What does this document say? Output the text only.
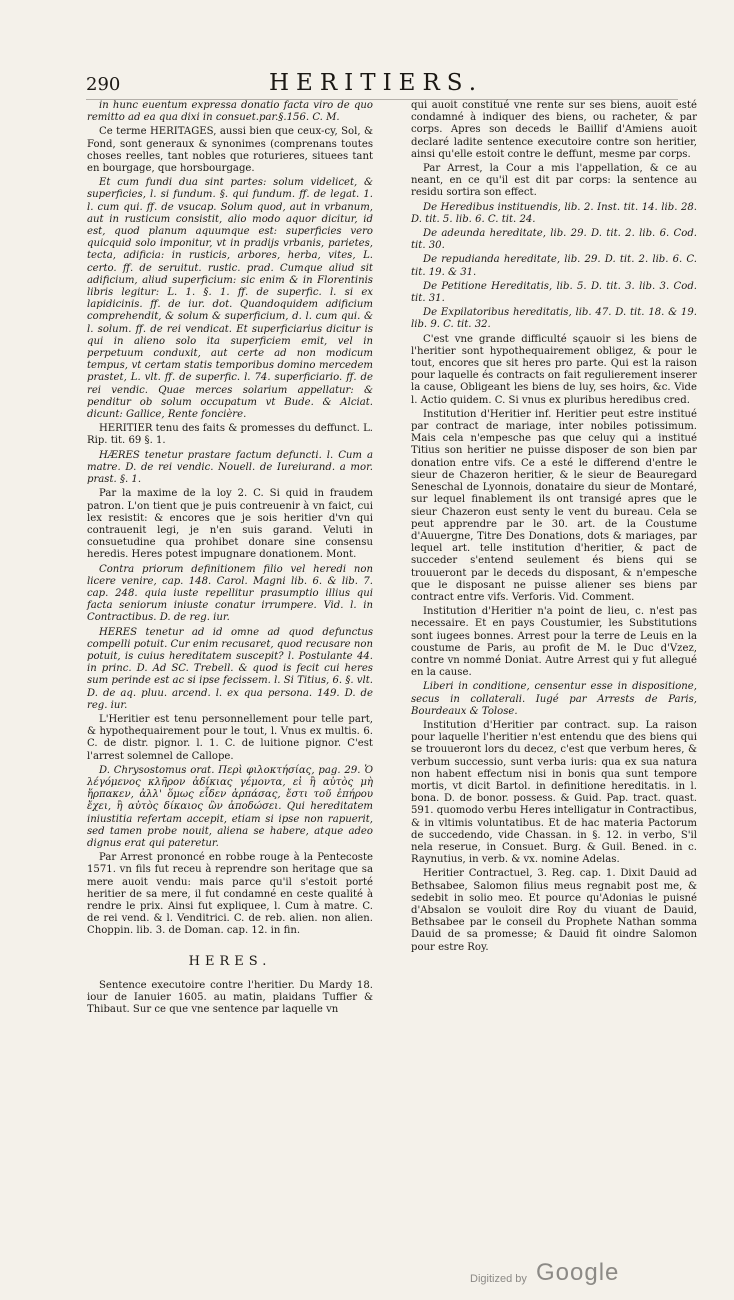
290	HERITIERS.

in hunc euentum expressa donatio facta viro de quo remitto ad ea qua dixi in consuet.par.§.156. C. M.

Ce terme HERITAGES, aussi bien que ceux-cy, Sol, & Fond, sont generaux & synonimes (comprenans toutes choses reelles, tant nobles que roturieres, situees tant en bourgage, que horsbourgage.

Et cum fundi dua sint partes: solum videlicet, & superficies, l. si fundum. §. qui fundum. ff. de legat. 1. l. cum qui. ff. de vsucap. Solum quod, aut in vrbanum, aut in rusticum consistit, alio modo aquor dicitur, id est, quod planum aquumque est: superficies vero quicquid solo imponitur, vt in pradijs vrbanis, parietes, tecta, adificia: in rusticis, arbores, herba, vites, L. certo. ff. de seruitut. rustic. prad. Cumque aliud sit adificium, aliud superficium: sic enim & in Florentinis libris legitur: L. 1. §. 1. ff. de superfic. l. si ex lapidicinis. ff. de iur. dot. Quandoquidem adificium comprehendit, & solum & superficium, d. l. cum qui. & l. solum. ff. de rei vendicat. Et superficiarius dicitur is qui in alieno solo ita superficiem emit, vel in perpetuum conduxit, aut certe ad non modicum tempus, vt certam statis temporibus domino mercedem prastet, L. vlt. ff. de superfic. l. 74. superficiario. ff. de rei vendic. Quae merces solarium appellatur: & penditur ob solum occupatum vt Bude. & Alciat. dicunt: Gallice, Rente foncière.

HERITIER tenu des faits & promesses du deffunct. L. Rip. tit. 69 §. 1.

HÆRES tenetur prastare factum defuncti. l. Cum a matre. D. de rei vendic. Nouell. de Iureiurand. a mor. prast. §. 1.

Par la maxime de la loy 2. C. Si quid in fraudem patron. L'on tient que je puis contreuenir à vn faict, cui lex resistit: & encores que je sois heritier d'vn qui contrauenit legi, je n'en suis garand. Veluti in consuetudine qua prohibet donare sine consensu heredis. Heres potest impugnare donationem. Mont.

Contra priorum definitionem filio vel heredi non licere venire, cap. 148. Carol. Magni lib. 6. & lib. 7. cap. 248. quia iuste repellitur prasumptio illius qui facta seniorum iniuste conatur irrumpere. Vid. l. in Contractibus. D. de reg. iur.

HERES tenetur ad id omne ad quod defunctus compelli potuit. Cur enim recusaret, quod recusare non potuit, is cuius hereditatem suscepit? l. Postulante 44. in princ. D. Ad SC. Trebell. & quod is fecit cui heres sum perinde est ac si ipse fecissem. l. Si Titius, 6. §. vlt. D. de aq. pluu. arcend. l. ex qua persona. 149. D. de reg. iur.

L'Heritier est tenu personnellement pour telle part, & hypothequairement pour le tout, l. Vnus ex multis. 6. C. de distr. pignor. l. 1. C. de luitione pignor. C'est l'arrest solemnel de Callope.

D. Chrysostomus orat. Περὶ φιλοκτήσίας, pag. 29. Ὁ λέγόμενος κλῆρον ἀδίκιας γέμοντα, εἰ ἢ αὐτὸς μὴ ἥρπακεν, ἀλλ' ὅμως εἶδεν ἁρπάσας, ἔστι τοῦ ἐπήρου ἔχει, ἢ αὐτὸς δίκαιος ὢν ἀποδώσει. Qui hereditatem iniustitia refertam accepit, etiam si ipse non rapuerit, sed tamen probe nouit, aliena se habere, atque adeo dignus erat qui pateretur.

Par Arrest prononcé en robbe rouge à la Pentecoste 1571. vn fils fut receu à reprendre son heritage que sa mere auoit vendu: mais parce qu'il s'estoit porté heritier de sa mere, il fut condamné en ceste qualité à rendre le prix. Ainsi fut expliquee, l. Cum à matre. C. de rei vend. & l. Venditrici. C. de reb. alien. non alien. Choppin. lib. 3. de Doman. cap. 12. in fin.

HERES.

Sentence executoire contre l'heritier. Du Mardy 18. iour de Ianuier 1605. au matin, plaidans Tuffier & Thibaut. Sur ce que vne sentence par laquelle vn

qui auoit constitué vne rente sur ses biens, auoit esté condamné à indiquer des biens, ou racheter, & par corps. Apres son deceds le Baillif d'Amiens auoit declaré ladite sentence executoire contre son heritier, ainsi qu'elle estoit contre le deffunt, mesme par corps.

Par Arrest, la Cour a mis l'appellation, & ce au neant, en ce qu'il est dit par corps: la sentence au residu sortira son effect.

De Heredibus instituendis, lib. 2. Inst. tit. 14. lib. 28. D. tit. 5. lib. 6. C. tit. 24.

De adeunda hereditate, lib. 29. D. tit. 2. lib. 6. Cod. tit. 30.

De repudianda hereditate, lib. 29. D. tit. 2. lib. 6. C. tit. 19. & 31.

De Petitione Hereditatis, lib. 5. D. tit. 3. lib. 3. Cod. tit. 31.

De Expilatoribus hereditatis, lib. 47. D. tit. 18. & 19. lib. 9. C. tit. 32.

C'est vne grande difficulté sçauoir si les biens de l'heritier sont hypothequairement obligez, & pour le tout, encores que sit heres pro parte. Qui est la raison pour laquelle és contracts on fait regulierement inserer la cause, Obligeant les biens de luy, ses hoirs, &c. Vide l. Actio quidem. C. Si vnus ex pluribus heredibus cred.

Institution d'Heritier inf. Heritier peut estre institué par contract de mariage, inter nobiles potissimum. Mais cela n'empesche pas que celuy qui a institué Titius son heritier ne puisse disposer de son bien par donation entre vifs. Ce a esté le differend d'entre le sieur de Chazeron heritier, & le sieur de Beauregard Seneschal de Lyonnois, donataire du sieur de Montaré, sur lequel finablement ils ont transigé apres que le sieur Chazeron eust senty le vent du bureau. Cela se peut apprendre par le 30. art. de la Coustume d'Auuergne, Titre Des Donations, dots & mariages, par lequel art. telle institution d'heritier, & pact de succeder s'entend seulement és biens qui se trouueront par le deceds du disposant, & n'empesche que le disposant ne puisse aliener ses biens par contract entre vifs. Verforis. Vid. Comment.

Institution d'Heritier n'a point de lieu, c. n'est pas necessaire. Et en pays Coustumier, les Substitutions sont iugees bonnes. Arrest pour la terre de Leuis en la coustume de Paris, au profit de M. le Duc d'Vzez, contre vn nommé Doniat. Autre Arrest qui y fut allegué en la cause.

Liberi in conditione, censentur esse in dispositione, secus in collaterali. Iugé par Arrests de Paris, Bourdeaux & Tolose.

Institution d'Heritier par contract. sup. La raison pour laquelle l'heritier n'est entendu que des biens qui se trouueront lors du decez, c'est que verbum heres, & verbum successio, sunt verba iuris: qua ex sua natura non habent effectum nisi in bonis qua sunt tempore mortis, vt dicit Bartol. in definitione hereditatis. in l. bona. D. de bonor. possess. & Guid. Pap. tract. quast. 591. quomodo verbu Heres intelligatur in Contractibus, & in vltimis voluntatibus. Et de hac materia Pactorum de succedendo, vide Chassan. in §. 12. in verbo, S'il nela reserue, in Consuet. Burg. & Guil. Bened. in c. Raynutius, in verb. & vx. nomine Adelas.

Heritier Contractuel, 3. Reg. cap. 1. Dixit Dauid ad Bethsabee, Salomon filius meus regnabit post me, & sedebit in solio meo. Et pource qu'Adonias le puisné d'Absalon se vouloit dire Roy du viuant de Dauid, Bethsabee par le conseil du Prophete Nathan somma Dauid de sa promesse; & Dauid fit oindre Salomon pour estre Roy.

Digitized by Google
